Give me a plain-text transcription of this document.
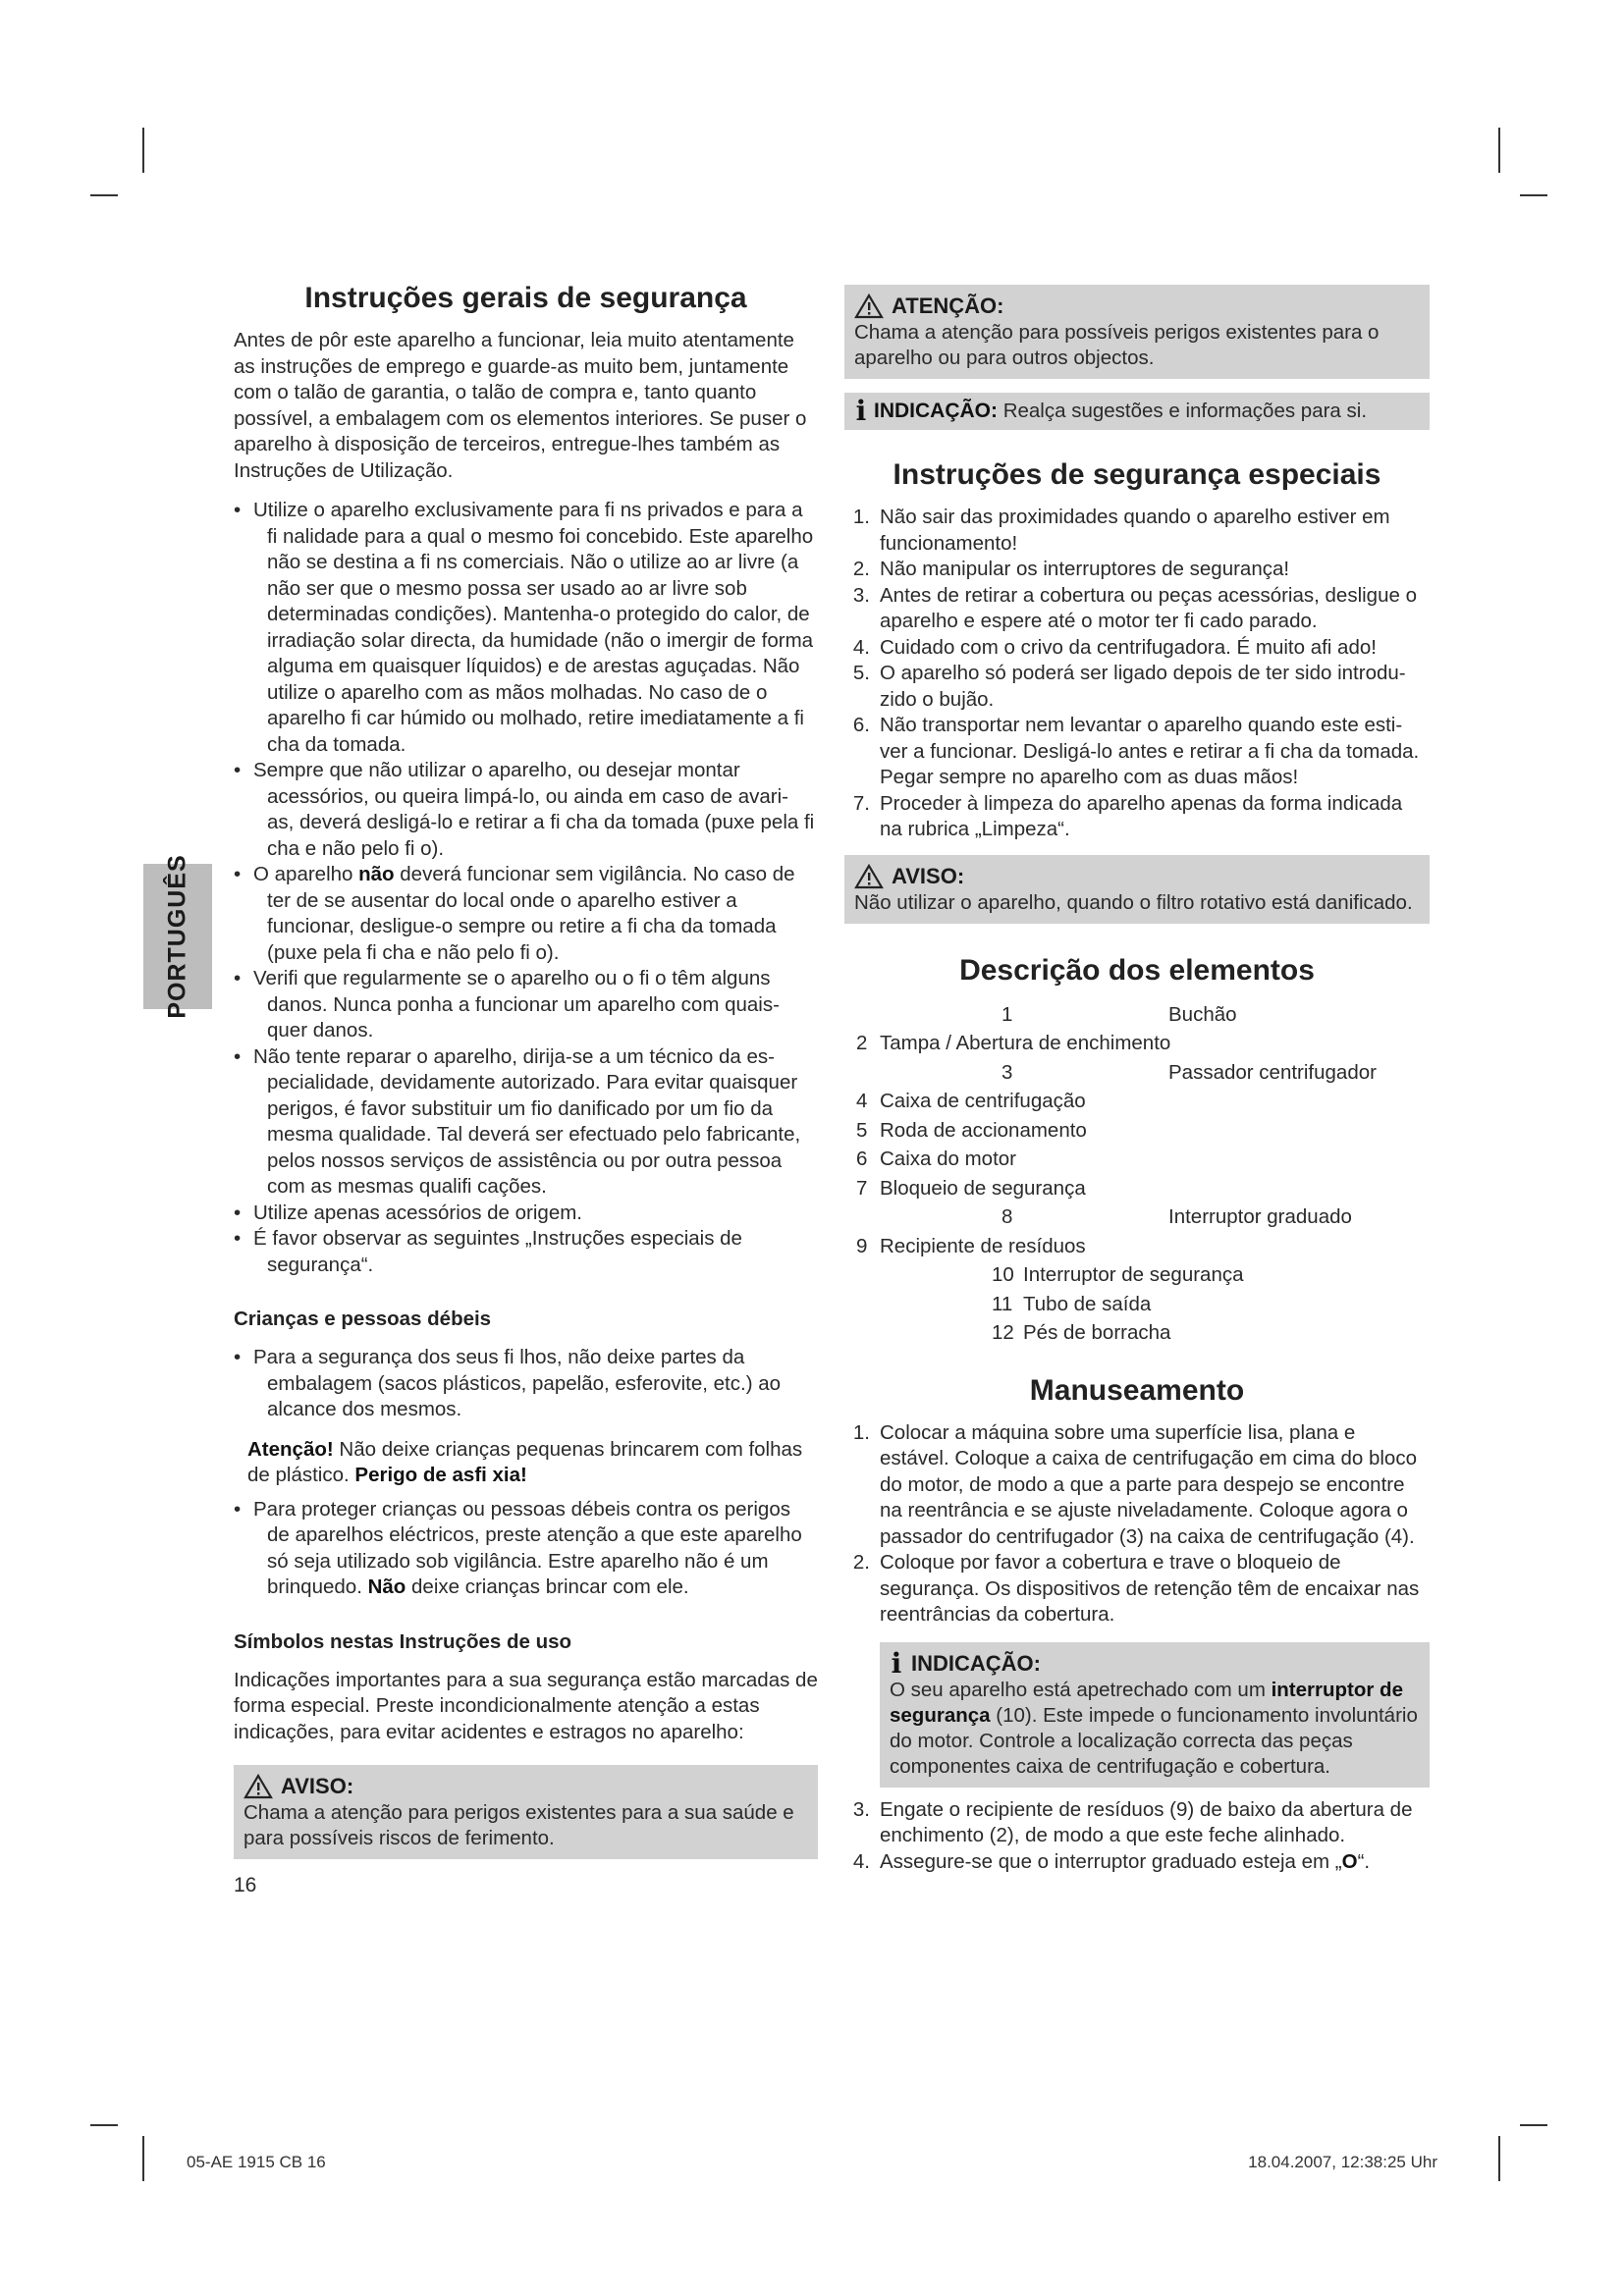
PORTUGUÊS
Instruções gerais de segurança

Antes de pôr este aparelho a funcionar, leia muito atentamente as instruções de emprego e guarde-as muito bem, juntamente com o talão de garantia, o talão de compra e, tanto quanto possível, a embalagem com os elementos interiores. Se puser o aparelho à disposição de terceiros, entregue-lhes também as Instruções de Utilização.

• Utilize o aparelho exclusivamente para fi ns privados e para a fi nalidade para a qual o mesmo foi concebido. Este aparelho não se destina a fi ns comerciais. Não o utilize ao ar livre (a não ser que o mesmo possa ser usado ao ar livre sob determinadas condições). Mantenha-o protegido do calor, de irradiação solar directa, da humidade (não o imergir de forma alguma em quaisquer líquidos) e de arestas aguçadas. Não utilize o aparelho com as mãos molhadas. No caso de o aparelho fi car húmido ou molhado, retire imediatamente a fi cha da tomada.
• Sempre que não utilizar o aparelho, ou desejar montar acessórios, ou queira limpá-lo, ou ainda em caso de avari- as, deverá desligá-lo e retirar a fi cha da tomada (puxe pela fi cha e não pelo fi o).
• O aparelho não deverá funcionar sem vigilância. No caso de ter de se ausentar do local onde o aparelho estiver a funcionar, desligue-o sempre ou retire a fi cha da tomada (puxe pela fi cha e não pelo fi o).
• Verifi que regularmente se o aparelho ou o fi o têm alguns danos. Nunca ponha a funcionar um aparelho com quais- quer danos.
• Não tente reparar o aparelho, dirija-se a um técnico da es- pecialidade, devidamente autorizado. Para evitar quaisquer perigos, é favor substituir um fio danificado por um fio da mesma qualidade. Tal deverá ser efectuado pelo fabricante, pelos nossos serviços de assistência ou por outra pessoa com as mesmas qualifi cações.
• Utilize apenas acessórios de origem.
• É favor observar as seguintes „Instruções especiais de segurança“.
Crianças e pessoas débeis
• Para a segurança dos seus fi lhos, não deixe partes da embalagem (sacos plásticos, papelão, esferovite, etc.) ao alcance dos mesmos.
Atenção! Não deixe crianças pequenas brincarem com folhas de plástico. Perigo de asfi xia!
• Para proteger crianças ou pessoas débeis contra os perigos de aparelhos eléctricos, preste atenção a que este aparelho só seja utilizado sob vigilância. Estre aparelho não é um brinquedo. Não deixe crianças brincar com ele.
Símbolos nestas Instruções de uso

Indicações importantes para a sua segurança estão marcadas de forma especial. Preste incondicionalmente atenção a estas indicações, para evitar acidentes e estragos no aparelho:

AVISO:
Chama a atenção para perigos existentes para a sua saúde e para possíveis riscos de ferimento.
16
ATENÇÃO:
Chama a atenção para possíveis perigos existentes para o aparelho ou para outros objectos.
i INDICAÇÃO: Realça sugestões e informações para si.
Instruções de segurança especiais
1. Não sair das proximidades quando o aparelho estiver em funcionamento!
2. Não manipular os interruptores de segurança!
3. Antes de retirar a cobertura ou peças acessórias, desligue o aparelho e espere até o motor ter fi cado parado.
4. Cuidado com o crivo da centrifugadora. É muito afi ado!
5. O aparelho só poderá ser ligado depois de ter sido introdu- zido o bujão.
6. Não transportar nem levantar o aparelho quando este esti- ver a funcionar. Desligá-lo antes e retirar a fi cha da tomada. Pegar sempre no aparelho com as duas mãos!
7. Proceder à limpeza do aparelho apenas da forma indicada na rubrica „Limpeza“.
AVISO:
Não utilizar o aparelho, quando o filtro rotativo está danificado.
Descrição dos elementos
1	Buchão
2 Tampa / Abertura de enchimento
3	Passador centrifugador
4 Caixa de centrifugação
5 Roda de accionamento
6 Caixa do motor
7 Bloqueio de segurança
8	Interruptor graduado
9 Recipiente de resíduos
10 Interruptor de segurança
11 Tubo de saída
12 Pés de borracha
Manuseamento
1. Colocar a máquina sobre uma superfície lisa, plana e estável. Coloque a caixa de centrifugação em cima do bloco do motor, de modo a que a parte para despejo se encontre na reentrância e se ajuste niveladamente. Coloque agora o passador do centrifugador (3) na caixa de centrifugação (4).
2. Coloque por favor a cobertura e trave o bloqueio de segurança. Os dispositivos de retenção têm de encaixar nas reentrâncias da cobertura.
i INDICAÇÃO:
O seu aparelho está apetrechado com um interruptor de segurança (10). Este impede o funcionamento involuntário do motor. Controle a localização correcta das peças componentes caixa de centrifugação e cobertura.
3. Engate o recipiente de resíduos (9) de baixo da abertura de enchimento (2), de modo a que este feche alinhado.
4. Assegure-se que o interruptor graduado esteja em „O“.
05-AE 1915 CB 16	18.04.2007, 12:38:25 Uhr
